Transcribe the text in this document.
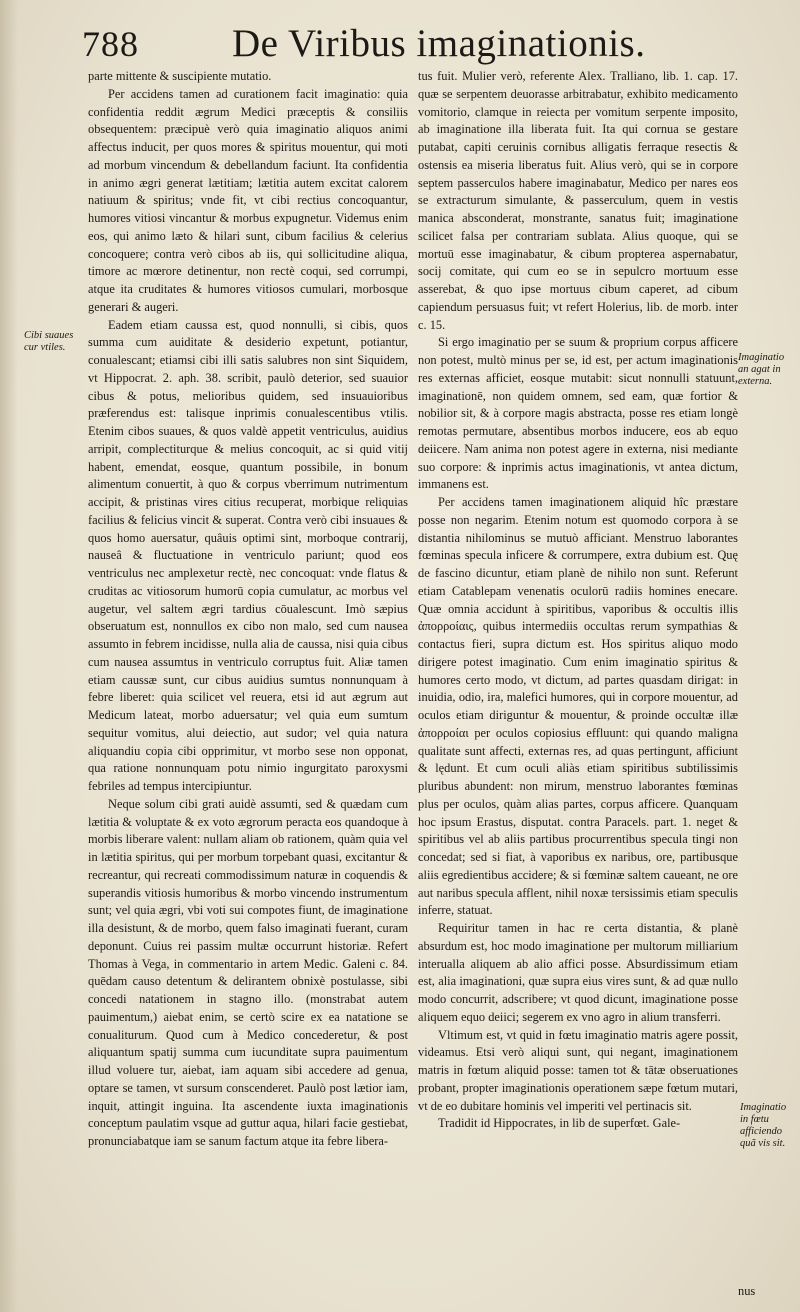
788 De Viribus imaginationis.

parte mittente & suscipiente mutatio.

Per accidens tamen ad curationem facit imaginatio: quia confidentia reddit ægrum Medici præceptis & consiliis obsequentem: præcipuè verò quia imaginatio aliquos animi affectus inducit, per quos mores & spiritus mouentur, qui moti ad morbum vincendum & debellandum faciunt. Ita confidentia in animo ægri generat lætitiam; lætitia autem excitat calorem natiuum & spiritus; vnde fit, vt cibi rectius concoquantur, humores vitiosi vincantur & morbus expugnetur. Videmus enim eos, qui animo læto & hilari sunt, cibum facilius & celerius concoquere; contra verò cibos ab iis, qui sollicitudine aliqua, timore ac mœrore detinentur, non rectè coqui, sed corrumpi, atque ita cruditates & humores vitiosos cumulari, morbosque generari & augeri.

Eadem etiam caussa est, quod nonnulli, si cibis, quos summa cum auiditate & desiderio expetunt, potiantur, conualescant; etiamsi cibi illi satis salubres non sint Siquidem, vt Hippocrat. 2. aph. 38. scribit, paulò deterior, sed suauior cibus & potus, melioribus quidem, sed insuauioribus præferendus est: talisque inprimis conualescentibus vtilis. Etenim cibos suaues, & quos valdè appetit ventriculus, auidius arripit, complectiturque & melius concoquit, ac si quid vitij habent, emendat, eosque, quantum possibile, in bonum alimentum conuertit, à quo & corpus vberrimum nutrimentum accipit, & pristinas vires citius recuperat, morbique reliquias facilius & felicius vincit & superat. Contra verò cibi insuaues & quos homo auersatur, quâuis optimi sint, morboque contrarij, nauseâ & fluctuatione in ventriculo pariunt; quod eos ventriculus nec amplexetur rectè, nec concoquat: vnde flatus & cruditas ac vitiosorum humorū copia cumulatur, ac morbus vel augetur, vel saltem ægri tardius cōualescunt. Imò sæpius obseruatum est, nonnullos ex cibo non malo, sed cum nausea assumto in febrem incidisse, nulla alia de caussa, nisi quia cibus cum nausea assumtus in ventriculo corruptus fuit. Aliæ tamen etiam caussæ sunt, cur cibus auidius sumtus nonnunquam à febre liberet: quia scilicet vel reuera, etsi id aut ægrum aut Medicum lateat, morbo aduersatur; vel quia eum sumtum sequitur vomitus, alui deiectio, aut sudor; vel quia natura aliquandiu copia cibi opprimitur, vt morbo sese non opponat, qua ratione nonnunquam potu nimio ingurgitato paroxysmi febriles ad tempus intercipiuntur.

Neque solum cibi grati auidè assumti, sed & quædam cum lætitia & voluptate & ex voto ægrorum peracta eos quandoque à morbis liberare valent: nullam aliam ob rationem, quàm quia vel in lætitia spiritus, qui per morbum torpebant quasi, excitantur & recreantur, qui recreati commodissimum naturæ in coquendis & superandis vitiosis humoribus & morbo vincendo instrumentum sunt; vel quia ægri, vbi voti sui compotes fiunt, de imaginatione illa desistunt, & de morbo, quem falso imaginati fuerant, curam deponunt. Cuius rei passim multæ occurrunt historiæ. Refert Thomas à Vega, in commentario in artem Medic. Galeni c. 84. quēdam causo detentum & delirantem obnixè postulasse, sibi concedi natationem in stagno illo. (monstrabat autem pauimentum,) aiebat enim, se certò scire ex ea natatione se conualiturum. Quod cum à Medico concederetur, & post aliquantum spatij summa cum iucunditate supra pauimentum illud voluere tur, aiebat, iam aquam sibi accedere ad genua, optare se tamen, vt sursum conscenderet. Paulò post lætior iam, inquit, attingit inguina. Ita ascendente iuxta imaginationis conceptum paulatim vsque ad guttur aqua, hilari facie gestiebat, pronunciabatque iam se sanum factum atque ita febre libera-

tus fuit. Mulier verò, referente Alex. Tralliano, lib. 1. cap. 17. quæ se serpentem deuorasse arbitrabatur, exhibito medicamento vomitorio, clamque in reiecta per vomitum serpente imposito, ab imaginatione illa liberata fuit. Ita qui cornua se gestare putabat, capiti ceruinis cornibus alligatis ferraque resectis & ostensis ea miseria liberatus fuit. Alius verò, qui se in corpore septem passerculos habere imaginabatur, Medico per nares eos se extracturum simulante, & passerculum, quem in vestis manica absconderat, monstrante, sanatus fuit; imaginatione scilicet falsa per contrariam sublata. Alius quoque, qui se mortuū esse imaginabatur, & cibum propterea aspernabatur, socij comitate, qui cum eo se in sepulcro mortuum esse asserebat, & quo ipse mortuus cibum caperet, ad cibum capiendum persuasus fuit; vt refert Holerius, lib. de morb. inter c. 15.

Si ergo imaginatio per se suum & proprium corpus afficere non potest, multò minus per se, id est, per actum imaginationis res externas afficiet, eosque mutabit: sicut nonnulli statuunt, imaginationē, non quidem omnem, sed eam, quæ fortior & nobilior sit, & à corpore magis abstracta, posse res etiam longè remotas permutare, absentibus morbos inducere, eos ab equo deiicere. Nam anima non potest agere in externa, nisi mediante suo corpore: & inprimis actus imaginationis, vt antea dictum, immanens est.

Per accidens tamen imaginationem aliquid hîc præstare posse non negarim. Etenim notum est quomodo corpora à se distantia nihilominus se mutuò afficiant. Menstruo laborantes fœminas specula inficere & corrumpere, extra dubium est. Quę de fascino dicuntur, etiam planè de nihilo non sunt. Referunt etiam Catablepam venenatis oculorū radiis homines enecare. Quæ omnia accidunt à spiritibus, vaporibus & occultis illis ἀπορροίαις, quibus intermediis occultas rerum sympathias & contactus fieri, supra dictum est. Hos spiritus aliquo modo dirigere potest imaginatio. Cum enim imaginatio spiritus & humores certo modo, vt dictum, ad partes quasdam dirigat: in inuidia, odio, ira, malefici humores, qui in corpore mouentur, ad oculos etiam diriguntur & mouentur, & proinde occultæ illæ ἀπορροίαι per oculos copiosius effluunt: qui quando maligna qualitate sunt affecti, externas res, ad quas pertingunt, afficiunt & lędunt. Et cum oculi aliàs etiam spiritibus subtilissimis pluribus abundent: non mirum, menstruo laborantes fœminas plus per oculos, quàm alias partes, corpus afficere. Quanquam hoc ipsum Erastus, disputat. contra Paracels. part. 1. neget & spiritibus vel ab aliis partibus procurrentibus specula tingi non concedat; sed si fiat, à vaporibus ex naribus, ore, partibusque aliis egredientibus accidere; & si fœminæ saltem caueant, ne ore aut naribus specula afflent, nihil noxæ tersissimis etiam speculis inferre, statuat.

Requiritur tamen in hac re certa distantia, & planè absurdum est, hoc modo imaginatione per multorum milliarium interualla aliquem ab alio affici posse. Absurdissimum etiam est, alia imaginationi, quæ supra eius vires sunt, & ad quæ nullo modo concurrit, adscribere; vt quod dicunt, imaginatione posse aliquem equo deiici; segerem ex vno agro in alium transferri.

Vltimum est, vt quid in fœtu imaginatio matris agere possit, videamus. Etsi verò aliqui sunt, qui negant, imaginationem matris in fœtum aliquid posse: tamen tot & tātæ obseruationes probant, propter imaginationis operationem sæpe fœtum mutari, vt de eo dubitare hominis vel imperiti vel pertinacis sit.

Tradidit id Hippocrates, in lib de superfœt. Gale-

Cibi suaues cur vtiles.
Imaginatio an agat in externa.
Imaginatio in fœtu afficiendo quã vis sit.
nus
